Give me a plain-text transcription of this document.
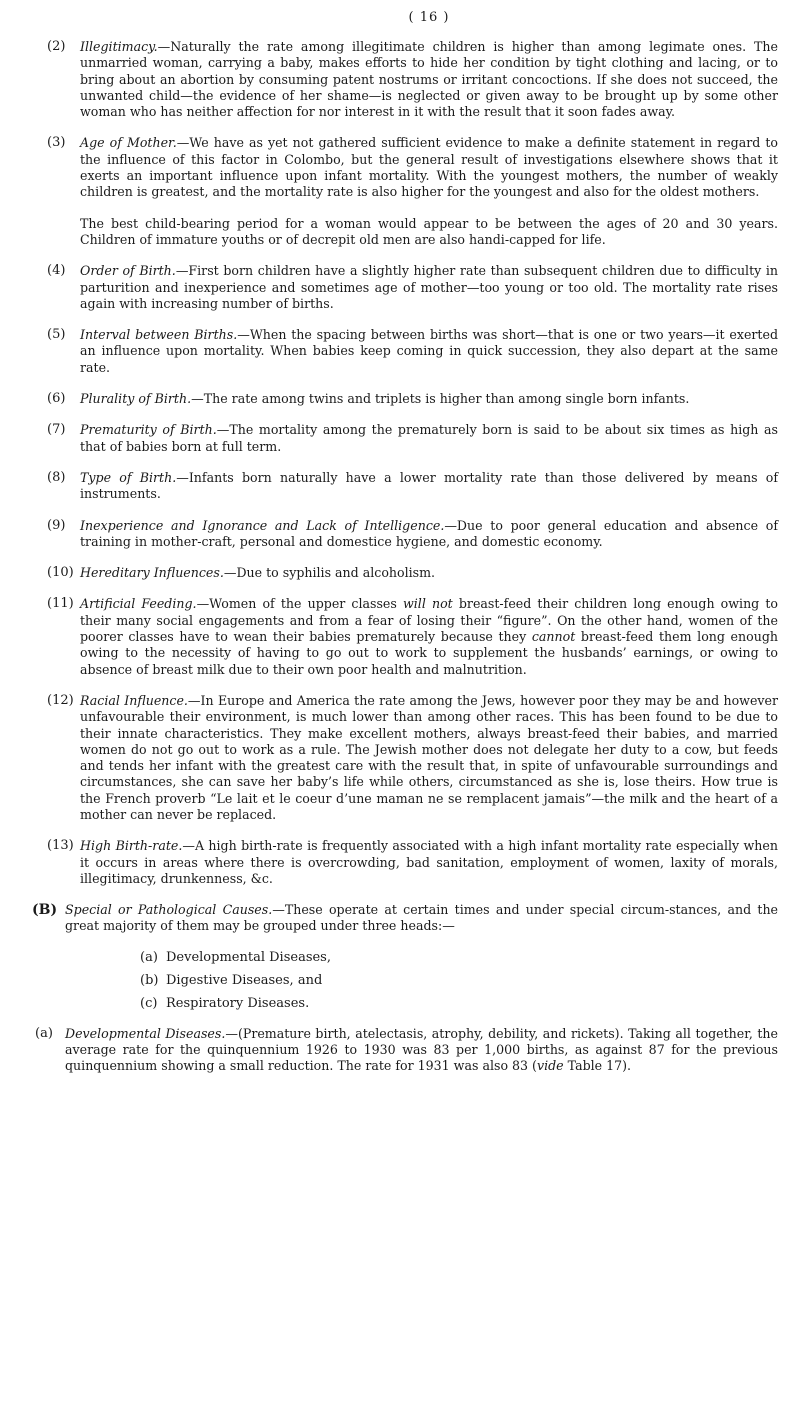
( 16 )
(2) Illegitimacy.—Naturally the rate among illegitimate children is higher than among legimate ones. The unmarried woman, carrying a baby, makes efforts to hide her condition by tight clothing and lacing, or to bring about an abortion by consuming patent nostrums or irritant concoctions. If she does not succeed, the unwanted child—the evidence of her shame—is neglected or given away to be brought up by some other woman who has neither affection for nor interest in it with the result that it soon fades away.
(3) Age of Mother.—We have as yet not gathered sufficient evidence to make a definite statement in regard to the influence of this factor in Colombo, but the general result of investigations elsewhere shows that it exerts an important influence upon infant mortality. With the youngest mothers, the number of weakly children is greatest, and the mortality rate is also higher for the youngest and also for the oldest mothers.
The best child-bearing period for a woman would appear to be between the ages of 20 and 30 years. Children of immature youths or of decrepit old men are also handi-capped for life.
(4) Order of Birth.—First born children have a slightly higher rate than subsequent children due to difficulty in parturition and inexperience and sometimes age of mother—too young or too old. The mortality rate rises again with increasing number of births.
(5) Interval between Births.—When the spacing between births was short—that is one or two years—it exerted an influence upon mortality. When babies keep coming in quick succession, they also depart at the same rate.
(6) Plurality of Birth.—The rate among twins and triplets is higher than among single born infants.
(7) Prematurity of Birth.—The mortality among the prematurely born is said to be about six times as high as that of babies born at full term.
(8) Type of Birth.—Infants born naturally have a lower mortality rate than those delivered by means of instruments.
(9) Inexperience and Ignorance and Lack of Intelligence.—Due to poor general education and absence of training in mother-craft, personal and domestice hygiene, and domestic economy.
(10) Hereditary Influences.—Due to syphilis and alcoholism.
(11) Artificial Feeding.—Women of the upper classes will not breast-feed their children long enough owing to their many social engagements and from a fear of losing their “figure”. On the other hand, women of the poorer classes have to wean their babies prematurely because they cannot breast-feed them long enough owing to the necessity of having to go out to work to supplement the husbands’ earnings, or owing to absence of breast milk due to their own poor health and malnutrition.
(12) Racial Influence.—In Europe and America the rate among the Jews, however poor they may be and however unfavourable their environment, is much lower than among other races. This has been found to be due to their innate characteristics. They make excellent mothers, always breast-feed their babies, and married women do not go out to work as a rule. The Jewish mother does not delegate her duty to a cow, but feeds and tends her infant with the greatest care with the result that, in spite of unfavourable surroundings and circumstances, she can save her baby’s life while others, circumstanced as she is, lose theirs. How true is the French proverb “Le lait et le coeur d’une maman ne se remplacent jamais”—the milk and the heart of a mother can never be replaced.
(13) High Birth-rate.—A high birth-rate is frequently associated with a high infant mortality rate especially when it occurs in areas where there is overcrowding, bad sanitation, employment of women, laxity of morals, illegitimacy, drunkenness, &c.
(B) Special or Pathological Causes.—These operate at certain times and under special circum-stances, and the great majority of them may be grouped under three heads:—
(a) Developmental Diseases,
(b) Digestive Diseases, and
(c) Respiratory Diseases.
(a) Developmental Diseases.—(Premature birth, atelectasis, atrophy, debility, and rickets). Taking all together, the average rate for the quinquennium 1926 to 1930 was 83 per 1,000 births, as against 87 for the previous quinquennium showing a small reduction. The rate for 1931 was also 83 (vide Table 17).
